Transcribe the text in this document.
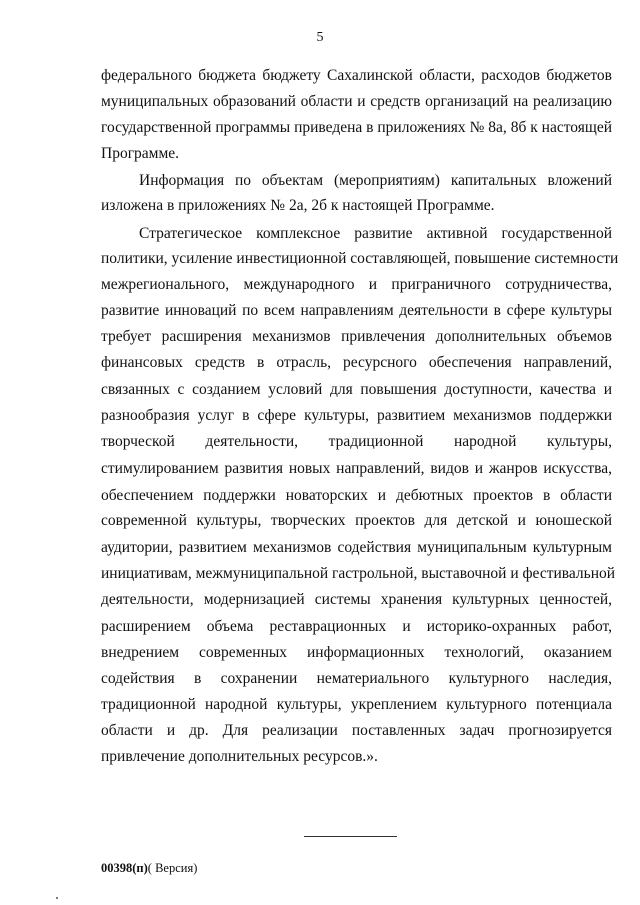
5
федерального бюджета бюджету Сахалинской области, расходов бюджетов
муниципальных образований области и средств организаций на реализацию
государственной программы приведена в приложениях № 8а, 8б к настоящей
Программе.
Информация по объектам (мероприятиям) капитальных вложений
изложена в приложениях № 2а, 2б к настоящей Программе.
Стратегическое комплексное развитие активной государственной
политики, усиление инвестиционной составляющей, повышение системности
межрегионального, международного и приграничного сотрудничества,
развитие инноваций по всем направлениям деятельности в сфере культуры
требует расширения механизмов привлечения дополнительных объемов
финансовых средств в отрасль, ресурсного обеспечения направлений,
связанных с созданием условий для повышения доступности, качества и
разнообразия услуг в сфере культуры, развитием механизмов поддержки
творческой деятельности, традиционной народной культуры,
стимулированием развития новых направлений, видов и жанров искусства,
обеспечением поддержки новаторских и дебютных проектов в области
современной культуры, творческих проектов для детской и юношеской
аудитории, развитием механизмов содействия муниципальным культурным
инициативам, межмуниципальной гастрольной, выставочной и фестивальной
деятельности, модернизацией системы хранения культурных ценностей,
расширением объема реставрационных и историко-охранных работ,
внедрением современных информационных технологий, оказанием
содействия в сохранении нематериального культурного наследия,
традиционной народной культуры, укреплением культурного потенциала
области и др. Для реализации поставленных задач прогнозируется
привлечение дополнительных ресурсов.».
00398(п)( Версия)
